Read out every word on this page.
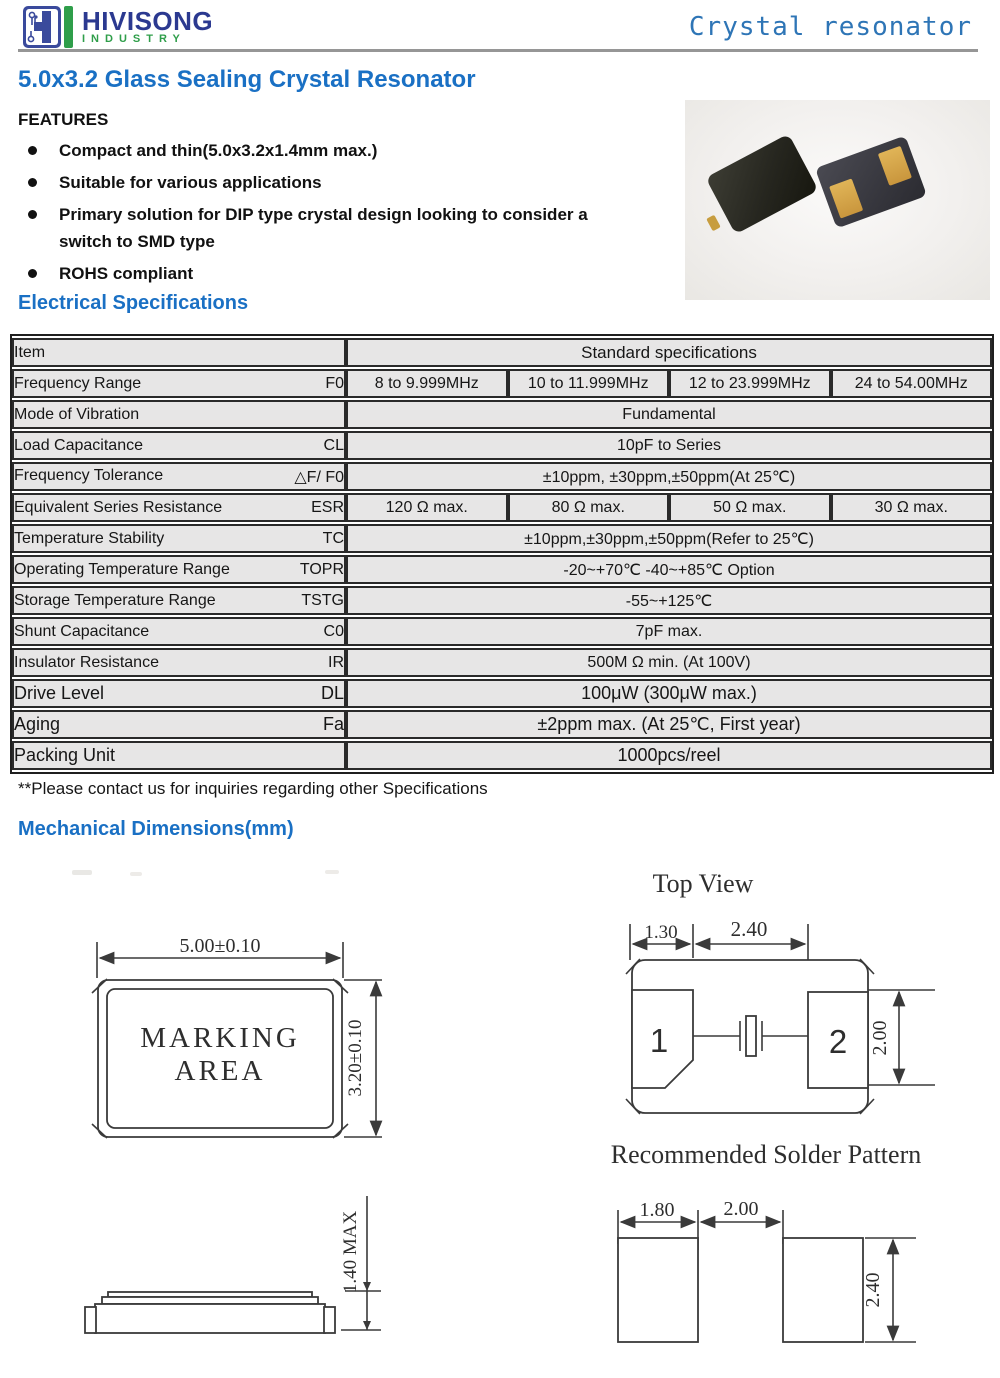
HIVISONG
INDUSTRY	Crystal resonator
5.0x3.2 Glass Sealing Crystal Resonator
FEATURES
Compact and thin(5.0x3.2x1.4mm max.)
Suitable for various applications
Primary solution for DIP type crystal design looking to consider a switch to SMD type
ROHS compliant
Electrical Specifications
Item	Standard specifications			
Frequency Range F0	8 to 9.999MHz	10 to 11.999MHz	12 to 23.999MHz	24 to 54.00MHz
Mode of Vibration	Fundamental			
Load Capacitance CL	10pF to Series			
Frequency Tolerance △F/ F0	±10ppm, ±30ppm,±50ppm(At 25℃)			
Equivalent Series Resistance ESR	120 Ω max.	80 Ω max.	50 Ω max.	30 Ω max.
Temperature Stability TC	±10ppm,±30ppm,±50ppm(Refer to 25℃)			
Operating Temperature Range TOPR	-20~+70℃ -40~+85℃ Option			
Storage Temperature Range TSTG	-55~+125℃			
Shunt Capacitance C0	7pF max.			
Insulator Resistance IR	500M Ω min. (At 100V)			
Drive Level DL	100μW (300μW max.)			
Aging Fa	±2ppm max. (At 25℃, First year)			
Packing Unit	1000pcs/reel			
**Please contact us for inquiries regarding other Specifications
Mechanical Dimensions(mm)
5.00±0.10
MARKING
AREA	3.20±0.10
1.40 MAX
Top View
1.30	2.40
1	2 2.00
Recommended Solder Pattern
1.80 2.00
2.40
